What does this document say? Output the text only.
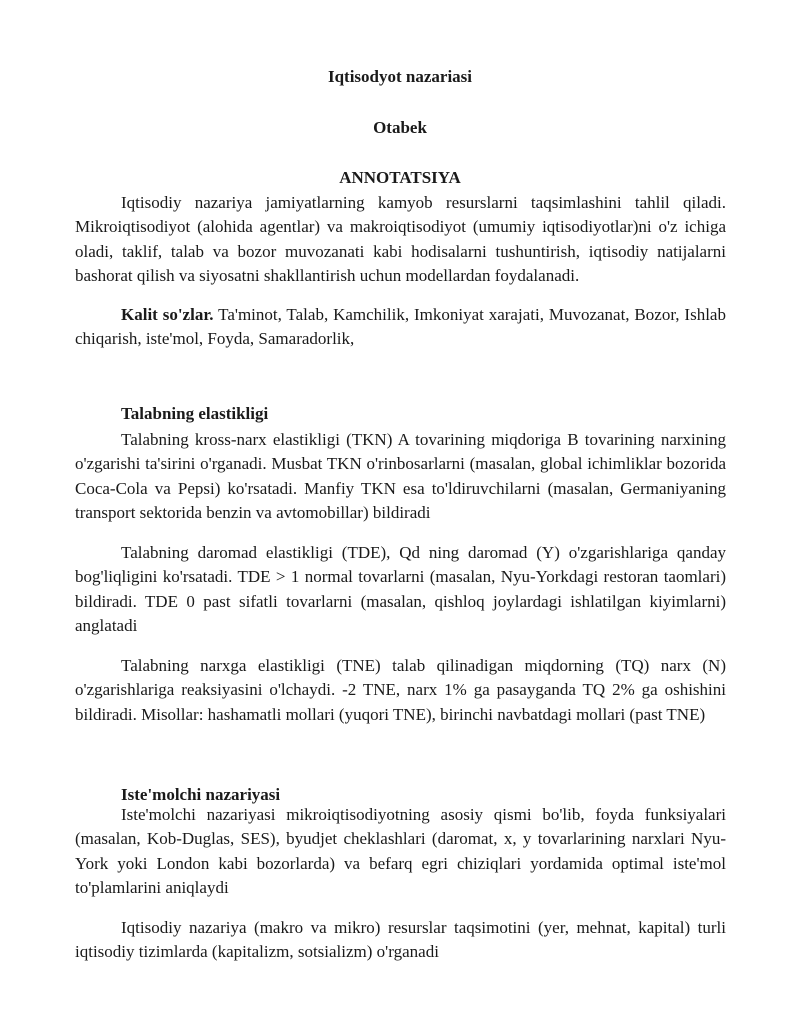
Iqtisodyot nazariasi
Otabek
ANNOTATSIYA

Iqtisodiy nazariya jamiyatlarning kamyob resurslarni taqsimlashini tahlil qiladi. Mikroiqtisodiyot (alohida agentlar) va makroiqtisodiyot (umumiy iqtisodiyotlar)ni o'z ichiga oladi, taklif, talab va bozor muvozanati kabi hodisalarni tushuntirish, iqtisodiy natijalarni bashorat qilish va siyosatni shakllantirish uchun modellardan foydalanadi.

Kalit so'zlar. Ta'minot, Talab, Kamchilik, Imkoniyat xarajati, Muvozanat, Bozor, Ishlab chiqarish, iste'mol, Foyda, Samaradorlik,

Talabning elastikligi

Talabning kross-narx elastikligi (TKN) A tovarining miqdoriga B tovarining narxining o'zgarishi ta'sirini o'rganadi. Musbat TKN o'rinbosarlarni (masalan, global ichimliklar bozorida Coca-Cola va Pepsi) ko'rsatadi. Manfiy TKN esa to'ldiruvchilarni (masalan, Germaniyaning transport sektorida benzin va avtomobillar) bildiradi

Talabning daromad elastikligi (TDE), Qd ning daromad (Y) o'zgarishlariga qanday bog'liqligini ko'rsatadi. TDE > 1 normal tovarlarni (masalan, Nyu-Yorkdagi restoran taomlari) bildiradi. TDE 0 past sifatli tovarlarni (masalan, qishloq joylardagi ishlatilgan kiyimlarni) anglatadi

Talabning narxga elastikligi (TNE) talab qilinadigan miqdorning (TQ) narx (N) o'zgarishlariga reaksiyasini o'lchaydi. -2 TNE, narx 1% ga pasayganda TQ 2% ga oshishini bildiradi. Misollar: hashamatli mollari (yuqori TNE), birinchi navbatdagi mollari (past TNE)

Iste'molchi nazariyasi

Iste'molchi nazariyasi mikroiqtisodiyotning asosiy qismi bo'lib, foyda funksiyalari (masalan, Kob-Duglas, SES), byudjet cheklashlari (daromat, x, y tovarlarining narxlari Nyu-York yoki London kabi bozorlarda) va befarq egri chiziqlari yordamida optimal iste'mol to'plamlarini aniqlaydi

Iqtisodiy nazariya (makro va mikro) resurslar taqsimotini (yer, mehnat, kapital) turli iqtisodiy tizimlarda (kapitalizm, sotsializm) o'rganadi
